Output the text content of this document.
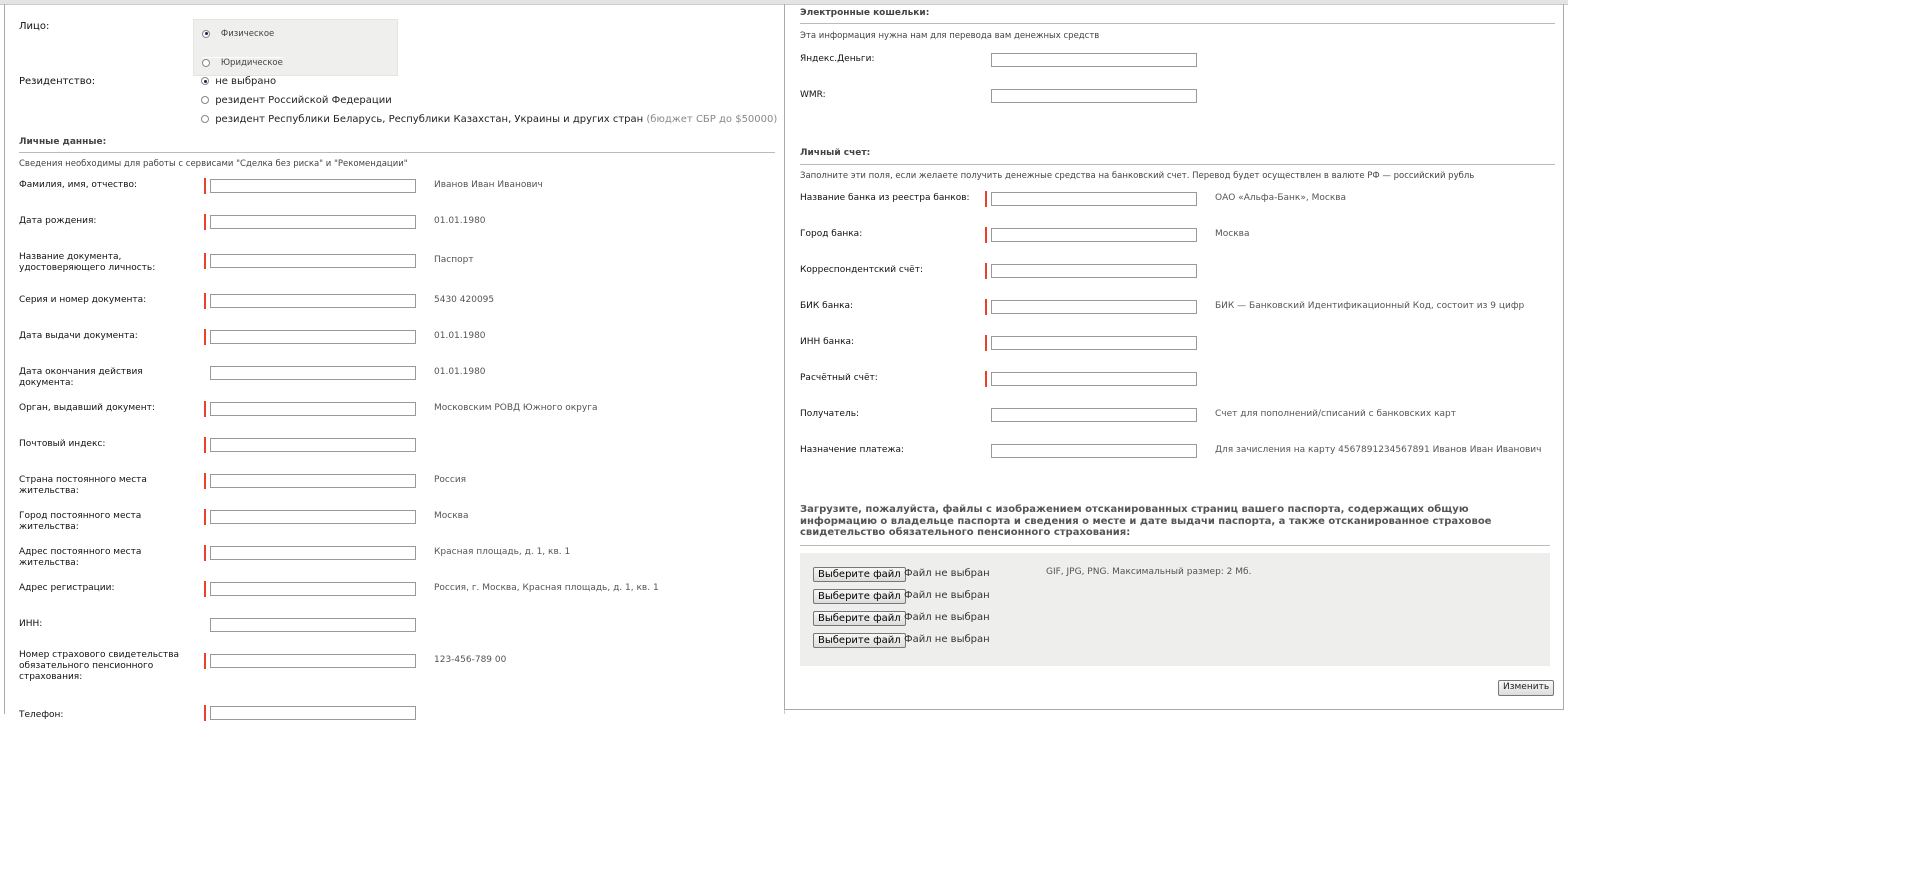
Лицо:
Физическое
Юридическое
Резидентство:	не выбрано
резидент Российской Федерации
резидент Республики Беларусь, Республики Казахстан, Украины и других стран (бюджет СБР до $50000)
Личные данные:
Сведения необходимы для работы с сервисами "Сделка без риска" и "Рекомендации"
Фамилия, имя, отчество:	Иванов Иван Иванович
Дата рождения:	01.01.1980
Название документа, удостоверяющего личность:
Паспорт
Серия и номер документа:	5430 420095
Дата выдачи документа:	01.01.1980
Дата окончания действия документа:
01.01.1980
Орган, выдавший документ:	Московским РОВД Южного округа
Почтовый индекс:
Страна постоянного места жительства:
Россия
Город постоянного места жительства:
Москва
Адрес постоянного места жительства:
Красная площадь, д. 1, кв. 1
Адрес регистрации:	Россия, г. Москва, Красная площадь, д. 1, кв. 1
ИНН:
Номер страхового свидетельства обязательного пенсионного страхования:
123-456-789 00
Телефон:
Электронные кошельки:
Эта информация нужна нам для перевода вам денежных средств
Яндекс.Деньги:
WMR:
Личный счет:
Заполните эти поля, если желаете получить денежные средства на банковский счет. Перевод будет осуществлен в валюте РФ — российский рубль
Название банка из реестра банков:	ОАО «Альфа-Банк», Москва
Город банка:	Москва
Корреспондентский счёт:
БИК банка:	БИК — Банковский Идентификационный Код, состоит из 9 цифр
ИНН банка:
Расчётный счёт:
Получатель:	Счет для пополнений/списаний с банковских карт
Назначение платежа:	Для зачисления на карту 4567891234567891 Иванов Иван Иванович
Загрузите, пожалуйста, файлы с изображением отсканированных страниц вашего паспорта, содержащих общую информацию о владельце паспорта и сведения о месте и дате выдачи паспорта, а также отсканированное страховое свидетельство обязательного пенсионного страхования:
Выберите файл Файл не выбран
Выберите файл Файл не выбран
Выберите файл Файл не выбран
Выберите файл Файл не выбран
GIF, JPG, PNG. Максимальный размер: 2 Мб.
Изменить
